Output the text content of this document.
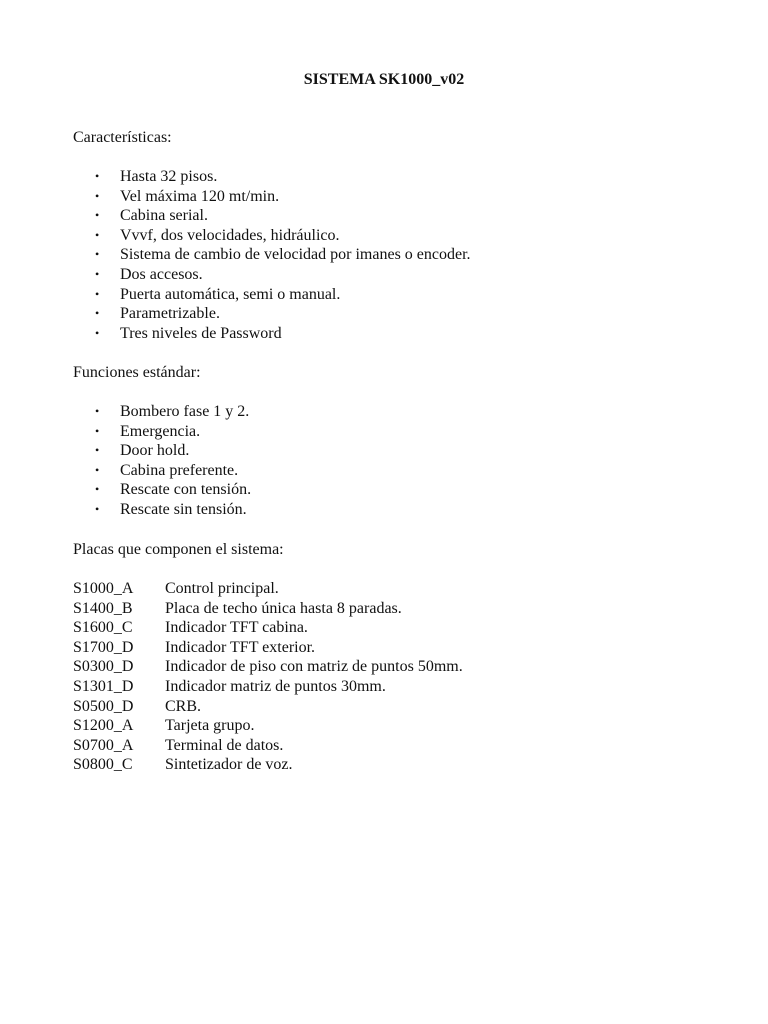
SISTEMA SK1000_v02
Características:
• Hasta 32 pisos.
• Vel máxima 120 mt/min.
• Cabina serial.
• Vvvf, dos velocidades, hidráulico.
• Sistema de cambio de velocidad por imanes o encoder.
• Dos accesos.
• Puerta automática, semi o manual.
• Parametrizable.
• Tres niveles de Password
Funciones estándar:
• Bombero fase 1 y 2.
• Emergencia.
• Door hold.
• Cabina preferente.
• Rescate con tensión.
• Rescate sin tensión.
Placas que componen el sistema:
S1000_A Control principal.
S1400_B Placa de techo única hasta 8 paradas.
S1600_C Indicador TFT cabina.
S1700_D Indicador TFT exterior.
S0300_D Indicador de piso con matriz de puntos 50mm.
S1301_D Indicador matriz de puntos 30mm.
S0500_D CRB.
S1200_A Tarjeta grupo.
S0700_A Terminal de datos.
S0800_C Sintetizador de voz.
